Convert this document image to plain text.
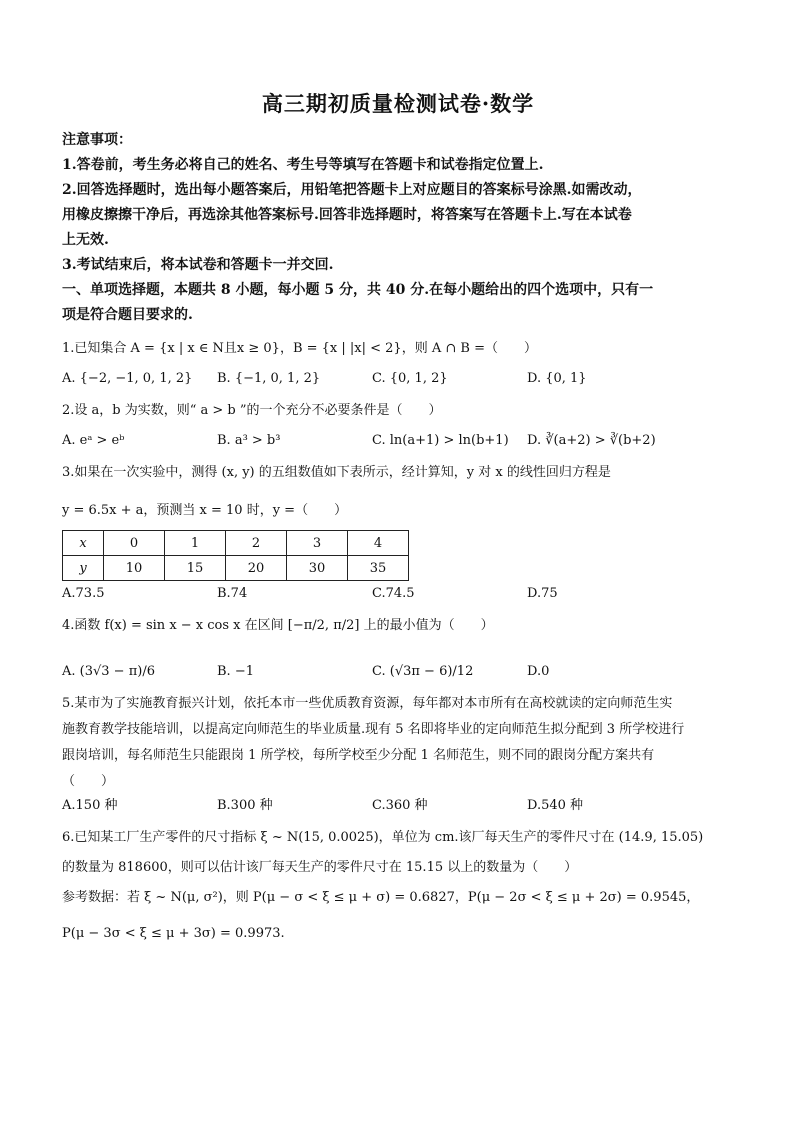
高三期初质量检测试卷·数学
注意事项：
1.答卷前，考生务必将自己的姓名、考生号等填写在答题卡和试卷指定位置上.
2.回答选择题时，选出每小题答案后，用铅笔把答题卡上对应题目的答案标号涂黑.如需改动，
用橡皮擦擦干净后，再选涂其他答案标号.回答非选择题时，将答案写在答题卡上.写在本试卷
上无效.
3.考试结束后，将本试卷和答题卡一并交回.
一、单项选择题，本题共 8 小题，每小题 5 分，共 40 分.在每小题给出的四个选项中，只有一
项是符合题目要求的.
1.已知集合 A = {x | x ∈ N且x ≥ 0}，B = {x | |x| < 2}，则 A ∩ B =（　　）
A. {−2, −1, 0, 1, 2}	B. {−1, 0, 1, 2}	C. {0, 1, 2}	D. {0, 1}
2.设 a，b 为实数，则“ a > b ”的一个充分不必要条件是（　　）
A. eᵃ > eᵇ	B. a³ > b³	C. ln(a+1) > ln(b+1)	D. ∛(a+2) > ∛(b+2)
3.如果在一次实验中，测得 (x, y) 的五组数值如下表所示，经计算知，y 对 x 的线性回归方程是
y = 6.5x + a，预测当 x = 10 时，y =（　　）
x	0	1	2	3	4
y	10	15	20	30	35
A.73.5	B.74	C.74.5	D.75
4.函数 f(x) = sin x − x cos x 在区间 [−π/2, π/2] 上的最小值为（　　）
A. (3√3 − π)/6	B. −1	C. (√3π − 6)/12	D.0
5.某市为了实施教育振兴计划，依托本市一些优质教育资源，每年都对本市所有在高校就读的定向师范生实
施教育教学技能培训，以提高定向师范生的毕业质量.现有 5 名即将毕业的定向师范生拟分配到 3 所学校进行
跟岗培训，每名师范生只能跟岗 1 所学校，每所学校至少分配 1 名师范生，则不同的跟岗分配方案共有
（　　）
A.150 种	B.300 种	C.360 种	D.540 种
6.已知某工厂生产零件的尺寸指标 ξ ~ N(15, 0.0025)，单位为 cm.该厂每天生产的零件尺寸在 (14.9, 15.05)
的数量为 818600，则可以估计该厂每天生产的零件尺寸在 15.15 以上的数量为（　　）
参考数据：若 ξ ~ N(μ, σ²)，则 P(μ − σ < ξ ≤ μ + σ) = 0.6827，P(μ − 2σ < ξ ≤ μ + 2σ) = 0.9545，
P(μ − 3σ < ξ ≤ μ + 3σ) = 0.9973.
